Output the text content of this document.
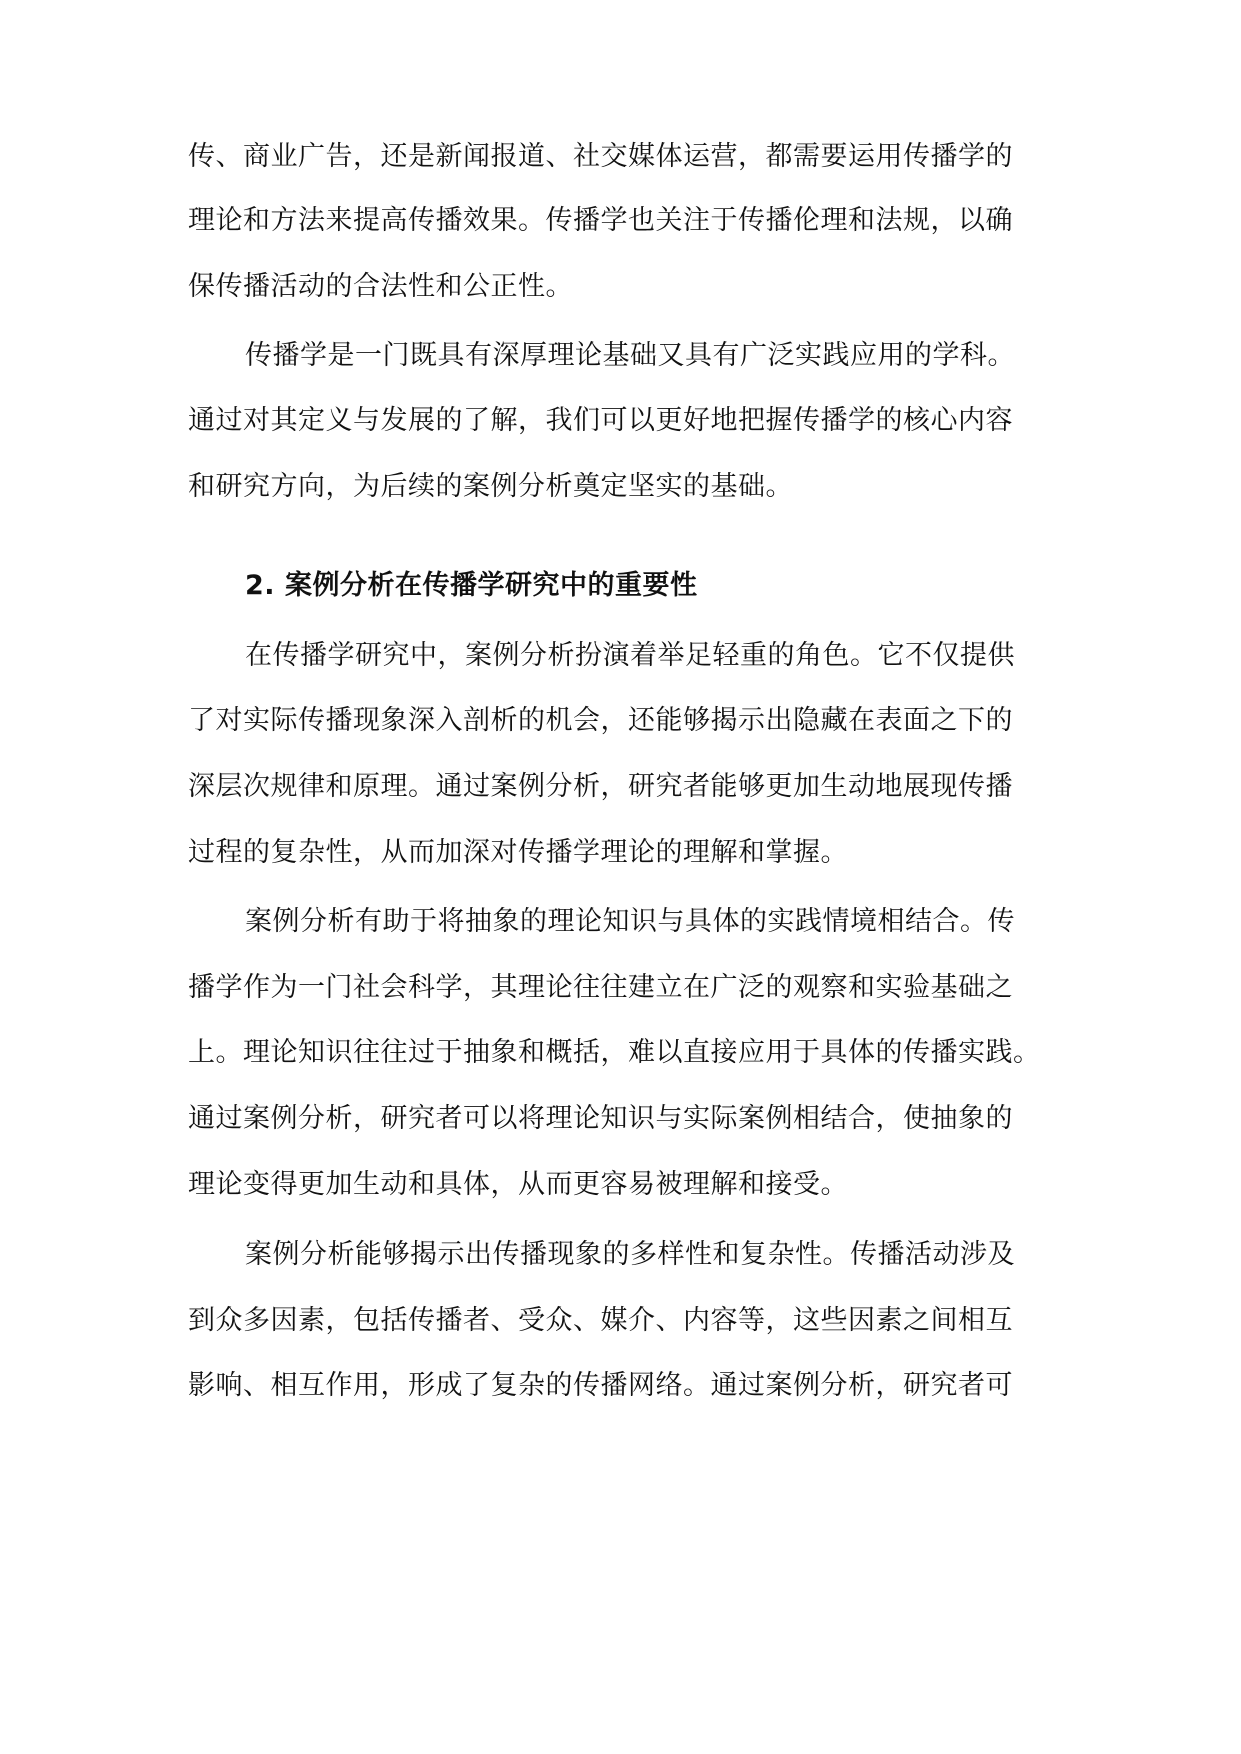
传、商业广告，还是新闻报道、社交媒体运营，都需要运用传播学的
理论和方法来提高传播效果。传播学也关注于传播伦理和法规，以确
保传播活动的合法性和公正性。
传播学是一门既具有深厚理论基础又具有广泛实践应用的学科。
通过对其定义与发展的了解，我们可以更好地把握传播学的核心内容
和研究方向，为后续的案例分析奠定坚实的基础。
2. 案例分析在传播学研究中的重要性
在传播学研究中，案例分析扮演着举足轻重的角色。它不仅提供
了对实际传播现象深入剖析的机会，还能够揭示出隐藏在表面之下的
深层次规律和原理。通过案例分析，研究者能够更加生动地展现传播
过程的复杂性，从而加深对传播学理论的理解和掌握。
案例分析有助于将抽象的理论知识与具体的实践情境相结合。传
播学作为一门社会科学，其理论往往建立在广泛的观察和实验基础之
上。理论知识往往过于抽象和概括，难以直接应用于具体的传播实践。
通过案例分析，研究者可以将理论知识与实际案例相结合，使抽象的
理论变得更加生动和具体，从而更容易被理解和接受。
案例分析能够揭示出传播现象的多样性和复杂性。传播活动涉及
到众多因素，包括传播者、受众、媒介、内容等，这些因素之间相互
影响、相互作用，形成了复杂的传播网络。通过案例分析，研究者可
